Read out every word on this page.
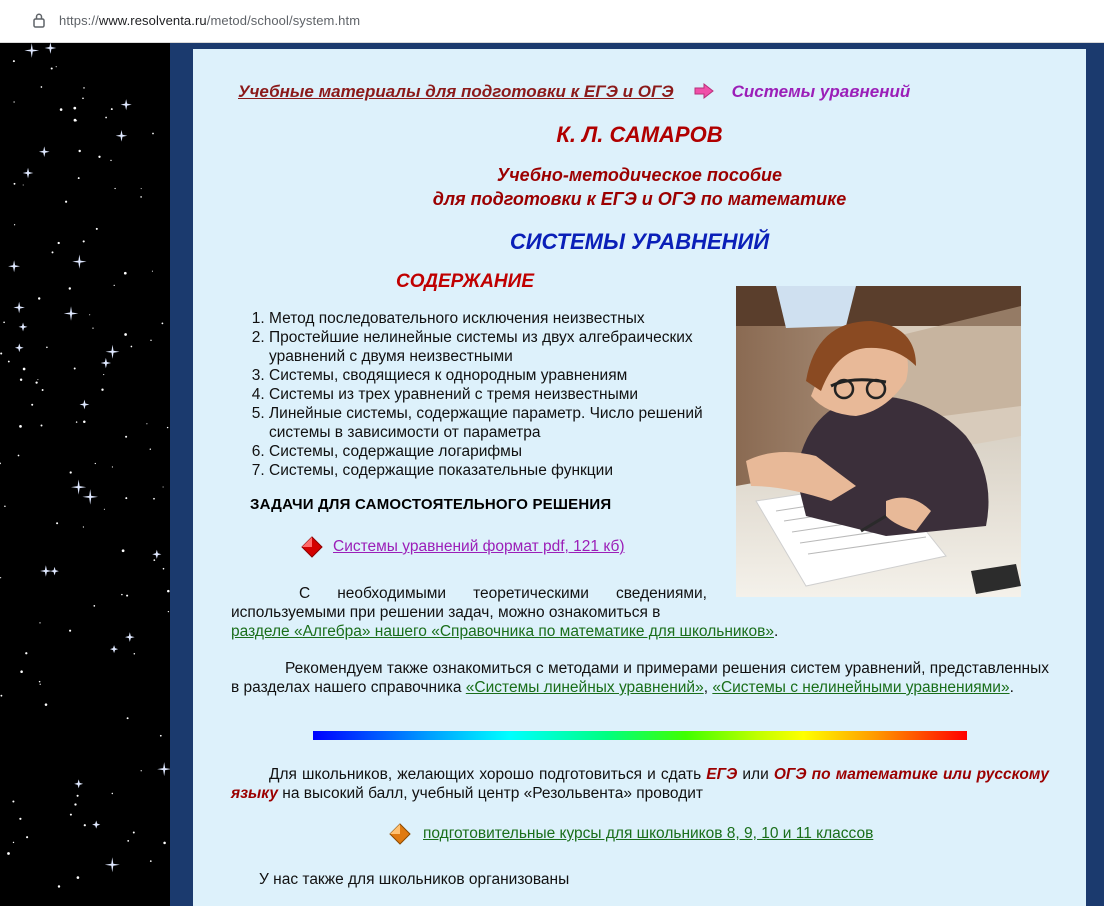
https://www.resolventa.ru/metod/school/system.htm
Учебные материалы для подготовки к ЕГЭ и ОГЭ	Системы уравнений
К. Л. САМАРОВ
Учебно-методическое пособие
для подготовки к ЕГЭ и ОГЭ по математике
СИСТЕМЫ УРАВНЕНИЙ
СОДЕРЖАНИЕ
1. Метод последовательного исключения неизвестных
2. Простейшие нелинейные системы из двух алгебраических уравнений с двумя неизвестными
3. Системы, сводящиеся к однородным уравнениям
4. Системы из трех уравнений с тремя неизвестными
5. Линейные системы, содержащие параметр. Число решений системы в зависимости от параметра
6. Системы, содержащие логарифмы
7. Системы, содержащие показательные функции
ЗАДАЧИ ДЛЯ САМОСТОЯТЕЛЬНОГО РЕШЕНИЯ
Системы уравнений формат pdf, 121 кб)
С необходимыми теоретическими сведениями, используемыми при решении задач, можно ознакомиться в
разделе «Алгебра» нашего «Справочника по математике для школьников».
Рекомендуем также ознакомиться с методами и примерами решения систем уравнений, представленных в разделах нашего справочника «Системы линейных уравнений», «Системы с нелинейными уравнениями».
Для школьников, желающих хорошо подготовиться и сдать ЕГЭ или ОГЭ по математике или русскому языку на высокий балл, учебный центр «Резольвента» проводит
подготовительные курсы для школьников 8, 9, 10 и 11 классов
У нас также для школьников организованы
